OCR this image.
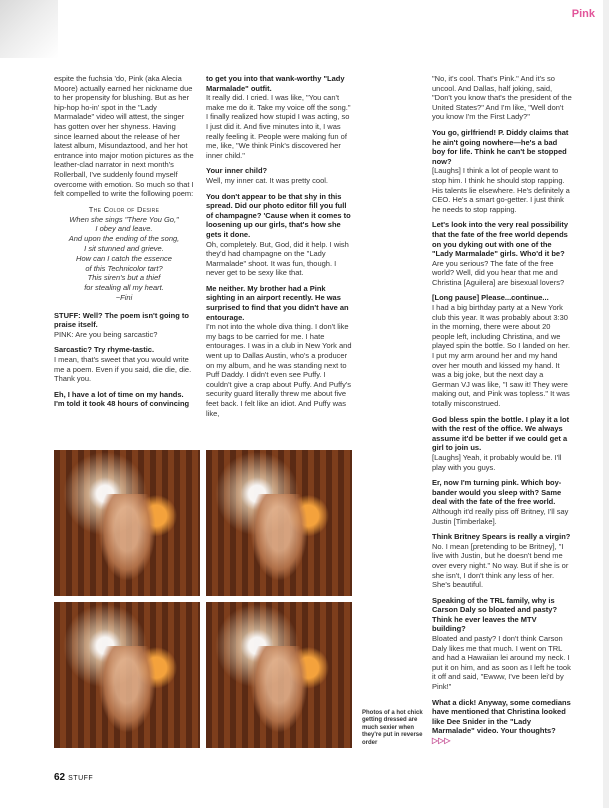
Pink

espite the fuchsia 'do, Pink (aka Alecia Moore) actually earned her nickname due to her propensity for blushing. But as her hip-hop ho-in' spot in the "Lady Marmalade" video will attest, the singer has gotten over her shyness. Having since learned about the release of her latest album, Misundaztood, and her hot entrance into major motion pictures as the leather-clad narrator in next month's Rollerball, I've suddenly found myself overcome with emotion. So much so that I felt compelled to write the following poem:

The Color of Desire
When she sings "There You Go,"
I obey and leave.
And upon the ending of the song,
I sit stunned and grieve.
How can I catch the essence
of this Technicolor tart?
This siren's but a thief
for stealing all my heart.
~Fini

STUFF: Well? The poem isn't going to praise itself.

PINK: Are you being sarcastic?

Sarcastic? Try rhyme-tastic.

I mean, that's sweet that you would write me a poem. Even if you said, die die, die. Thank you.

Eh, I have a lot of time on my hands. I'm told it took 48 hours of convincing

to get you into that wank-worthy "Lady Marmalade" outfit.

It really did. I cried. I was like, "You can't make me do it. Take my voice off the song." I finally realized how stupid I was acting, so I just did it. And five minutes into it, I was really feeling it. People were making fun of me, like, "We think Pink's discovered her inner child."

Your inner child?

Well, my inner cat. It was pretty cool.

You don't appear to be that shy in this spread. Did our photo editor fill you full of champagne? 'Cause when it comes to loosening up our girls, that's how she gets it done.

Oh, completely. But, God, did it help. I wish they'd had champagne on the "Lady Marmalade" shoot. It was fun, though. I never get to be sexy like that.

Me neither. My brother had a Pink sighting in an airport recently. He was surprised to find that you didn't have an entourage.

I'm not into the whole diva thing. I don't like my bags to be carried for me. I hate entourages. I was in a club in New York and went up to Dallas Austin, who's a producer on my album, and he was standing next to Puff Daddy. I didn't even see Puffy. I couldn't give a crap about Puffy. And Puffy's security guard literally threw me about five feet back. I felt like an idiot. And Puffy was like,

"No, it's cool. That's Pink." And it's so uncool. And Dallas, half joking, said, "Don't you know that's the president of the United States?" And I'm like, "Well don't you know I'm the First Lady?"

You go, girlfriend! P. Diddy claims that he ain't going nowhere—he's a bad boy for life. Think he can't be stopped now?

[Laughs] I think a lot of people want to stop him. I think he should stop rapping. His talents lie elsewhere. He's definitely a CEO. He's a smart go-getter. I just think he needs to stop rapping.

Let's look into the very real possibility that the fate of the free world depends on you dyking out with one of the "Lady Marmalade" girls. Who'd it be?

Are you serious? The fate of the free world? Well, did you hear that me and Christina [Aguilera] are bisexual lovers?

[Long pause] Please...continue...

I had a big birthday party at a New York club this year. It was probably about 3:30 in the morning, there were about 20 people left, including Christina, and we played spin the bottle. So I landed on her. I put my arm around her and my hand over her mouth and kissed my hand. It was a big joke, but the next day a German VJ was like, "I saw it! They were making out, and Pink was topless." It was totally misconstrued.

God bless spin the bottle. I play it a lot with the rest of the office. We always assume it'd be better if we could get a girl to join us.

[Laughs] Yeah, it probably would be. I'll play with you guys.

Er, now I'm turning pink. Which boy-bander would you sleep with? Same deal with the fate of the free world.

Although it'd really piss off Britney, I'll say Justin [Timberlake].

Think Britney Spears is really a virgin?

No. I mean [pretending to be Britney], "I live with Justin, but he doesn't bend me over every night." No way. But if she is or she isn't, I don't think any less of her. She's beautiful.

Speaking of the TRL family, why is Carson Daly so bloated and pasty? Think he ever leaves the MTV building?

Bloated and pasty? I don't think Carson Daly likes me that much. I went on TRL and had a Hawaiian lei around my neck. I put it on him, and as soon as I left he took it off and said, "Ewww, I've been lei'd by Pink!"

What a dick! Anyway, some comedians have mentioned that Christina looked like Dee Snider in the "Lady Marmalade" video. Your thoughts? ▷▷▷

Photos of a hot chick getting dressed are much sexier when they're put in reverse order
62 STUFF
